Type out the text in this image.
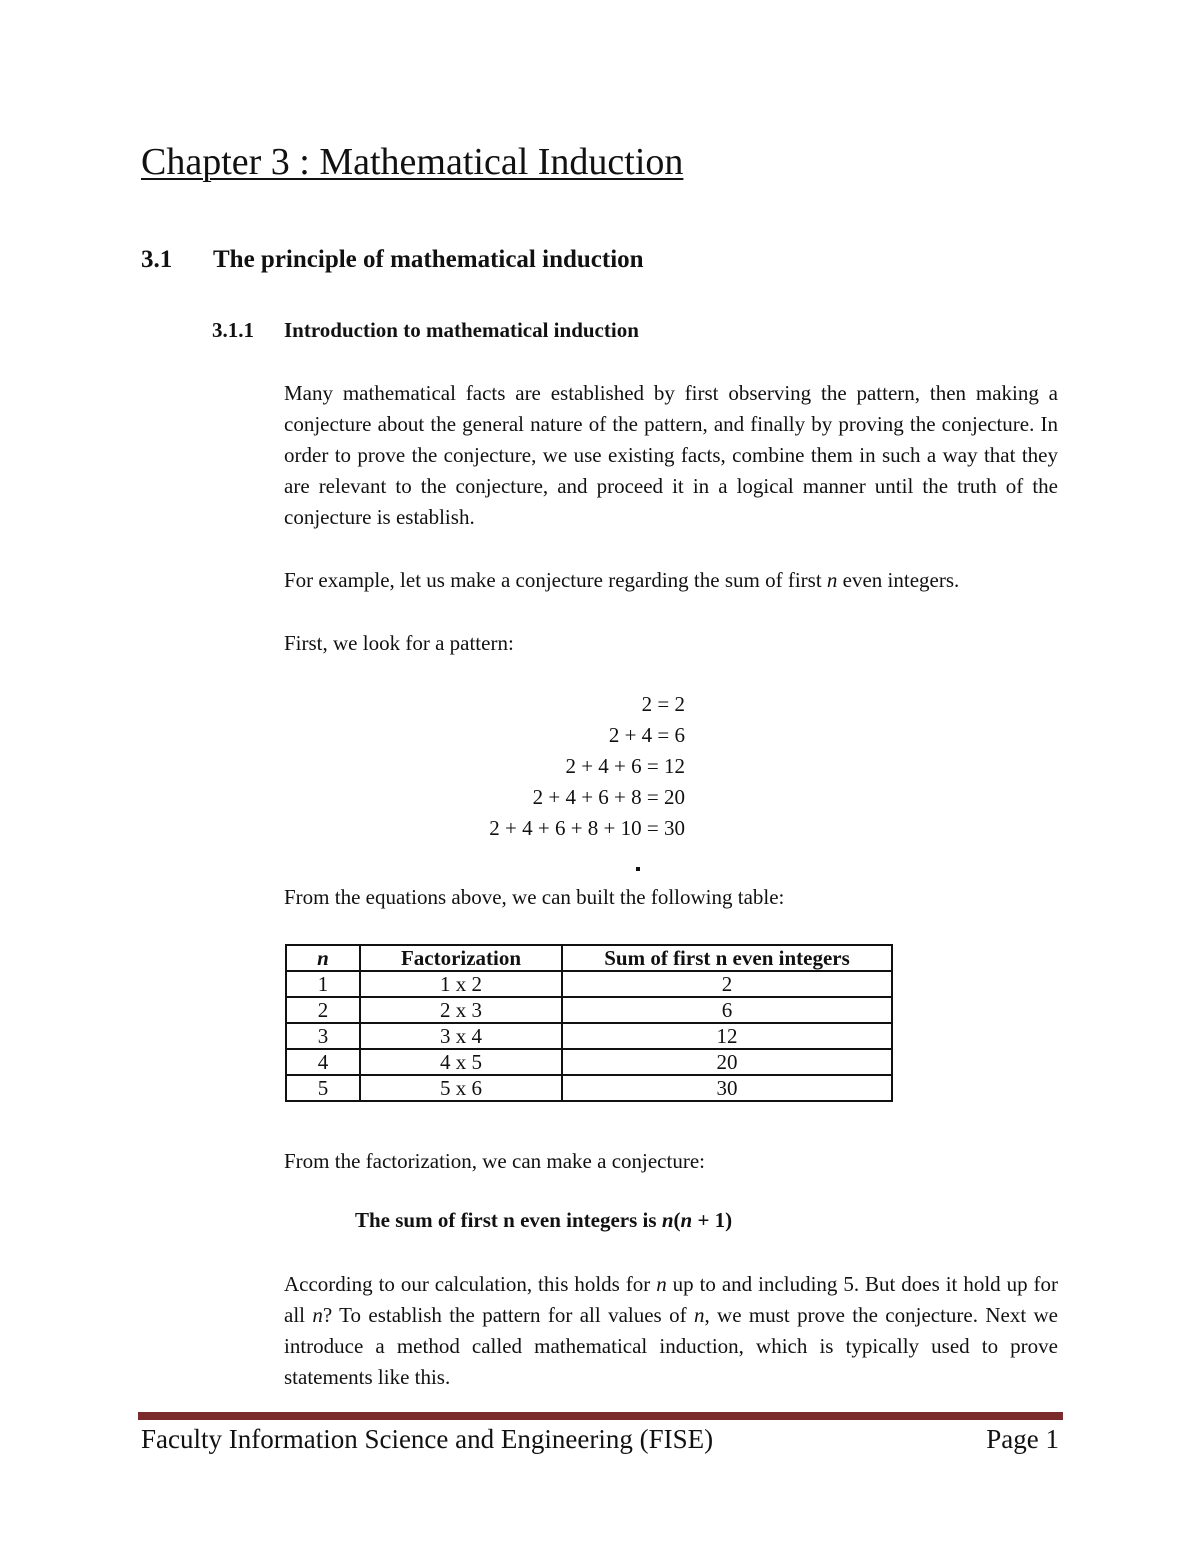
Chapter 3 : Mathematical Induction
3.1 The principle of mathematical induction
3.1.1 Introduction to mathematical induction
Many mathematical facts are established by first observing the pattern, then making a conjecture about the general nature of the pattern, and finally by proving the conjecture. In order to prove the conjecture, we use existing facts, combine them in such a way that they are relevant to the conjecture, and proceed it in a logical manner until the truth of the conjecture is establish.
For example, let us make a conjecture regarding the sum of first n even integers.
First, we look for a pattern:
2 = 2
2 + 4 = 6
2 + 4 + 6 = 12
2 + 4 + 6 + 8 = 20
2 + 4 + 6 + 8 + 10 = 30
From the equations above, we can built the following table:
n	Factorization	Sum of first n even integers
1	1 x 2	2
2	2 x 3	6
3	3 x 4	12
4	4 x 5	20
5	5 x 6	30
From the factorization, we can make a conjecture:
The sum of first n even integers is n(n + 1)
According to our calculation, this holds for n up to and including 5. But does it hold up for all n? To establish the pattern for all values of n, we must prove the conjecture. Next we introduce a method called mathematical induction, which is typically used to prove statements like this.
Faculty Information Science and Engineering (FISE)	Page 1
